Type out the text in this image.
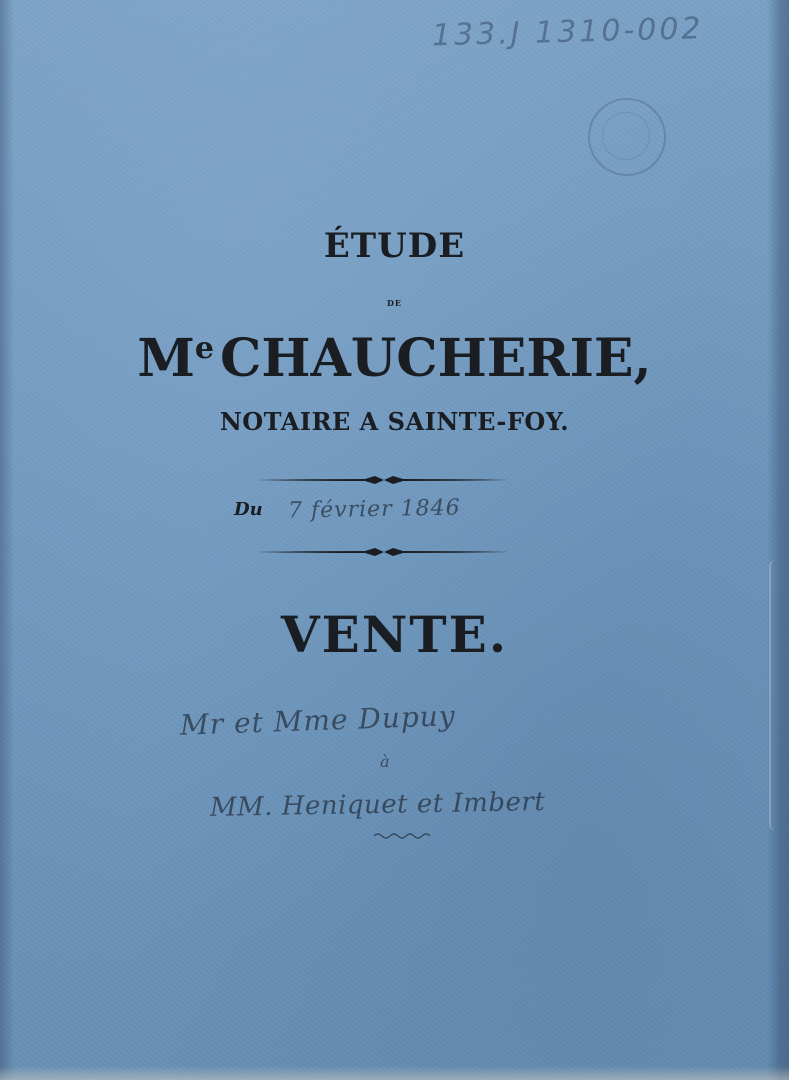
133.J 1310-002
ÉTUDE
DE
Me CHAUCHERIE,
NOTAIRE A SAINTE-FOY.
Du 7 février 1846
VENTE.
Mr et Mme Dupuy
à
MM. Heniquet et Imbert
